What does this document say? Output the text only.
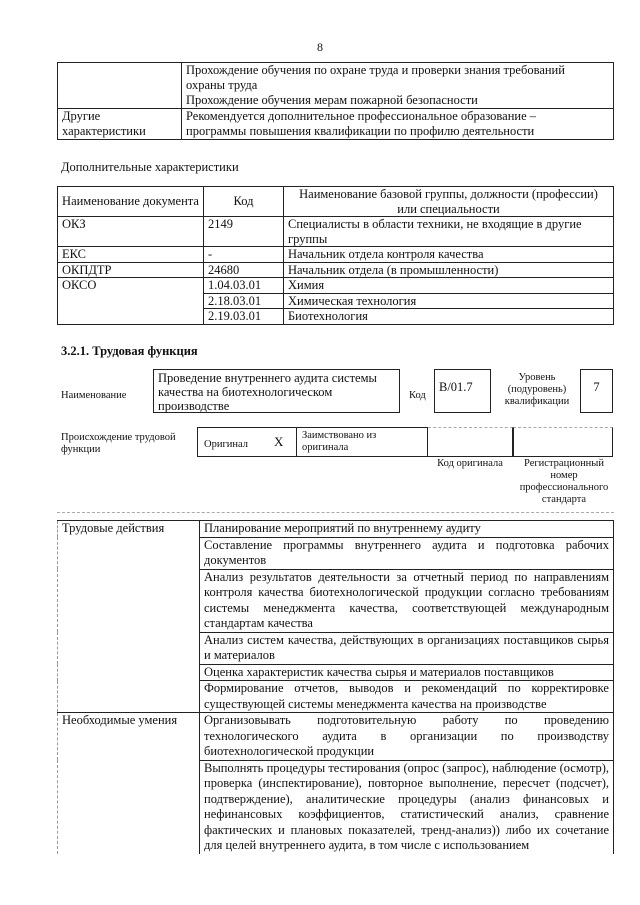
8

	Прохождение обучения по охране труда и проверки знания требований
охраны труда
Прохождение обучения мерам пожарной безопасности

Другие характеристики	Рекомендуется дополнительное профессиональное образование –
программы повышения квалификации по профилю деятельности
Дополнительные характеристики
Наименование документа	Код	Наименование базовой группы, должности (профессии) или специальности
ОКЗ	2149	Специалисты в области техники, не входящие в другие группы
ЕКС	-	Начальник отдела контроля качества
ОКПДТР	24680	Начальник отдела (в промышленности)
ОКСО	1.04.03.01	Химия
	2.18.03.01	Химическая технология
	2.19.03.01	Биотехнология
3.2.1. Трудовая функция
Наименование
Проведение внутреннего аудита системы качества на биотехнологическом производстве
Код
B/01.7
Уровень (подуровень) квалификации
7
Происхождение трудовой функции	Оригинал X Заимствовано из оригинала
Код оригинала	Регистрационный номер профессионального стандарта
Трудовые действия	Планирование мероприятий по внутреннему аудиту
	Составление программы внутреннего аудита и подготовка рабочих документов
	Анализ результатов деятельности за отчетный период по направлениям контроля качества биотехнологической продукции согласно требованиям системы менеджмента качества, соответствующей международным стандартам качества
	Анализ систем качества, действующих в организациях поставщиков сырья и материалов
	Оценка характеристик качества сырья и материалов поставщиков
	Формирование отчетов, выводов и рекомендаций по корректировке существующей системы менеджмента качества на производстве
Необходимые умения	Организовывать подготовительную работу по проведению технологического аудита в организации по производству биотехнологической продукции
	Выполнять процедуры тестирования (опрос (запрос), наблюдение (осмотр), проверка (инспектирование), повторное выполнение, пересчет (подсчет), подтверждение), аналитические процедуры (анализ финансовых и нефинансовых коэффициентов, статистический анализ, сравнение фактических и плановых показателей, тренд-анализ)) либо их сочетание для целей внутреннего аудита, в том числе с использованием
